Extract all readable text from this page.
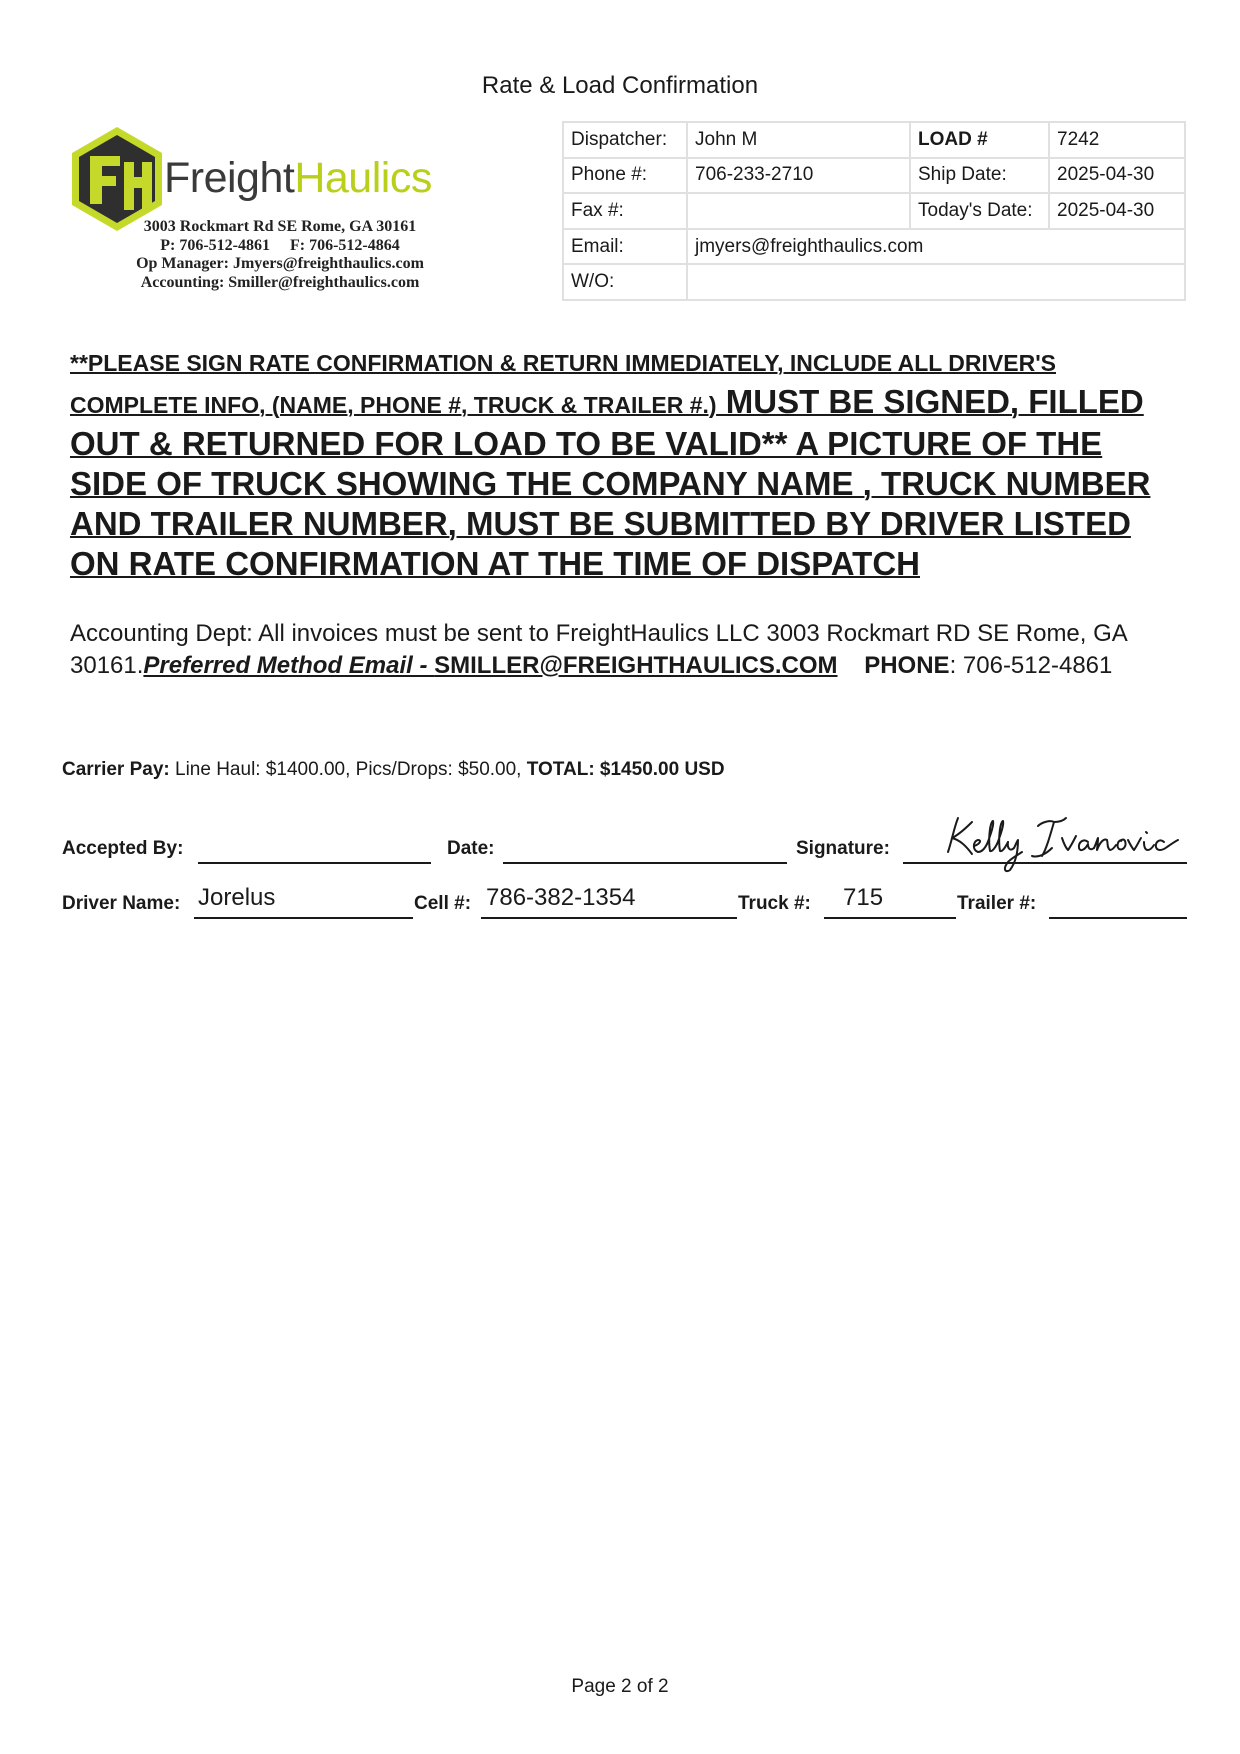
Rate & Load Confirmation
FreightHaulics
3003 Rockmart Rd SE Rome, GA 30161
P: 706-512-4861     F: 706-512-4864
Op Manager: Jmyers@freighthaulics.com
Accounting: Smiller@freighthaulics.com
Dispatcher:	John M	LOAD #	7242
Phone #:	706-233-2710	Ship Date:	2025-04-30
Fax #:		Today's Date:	2025-04-30
Email:	jmyers@freighthaulics.com		
W/O:			
**PLEASE SIGN RATE CONFIRMATION & RETURN IMMEDIATELY, INCLUDE ALL DRIVER'S COMPLETE INFO, (NAME, PHONE #, TRUCK & TRAILER #.) MUST BE SIGNED, FILLED OUT & RETURNED FOR LOAD TO BE VALID** A PICTURE OF THE SIDE OF TRUCK SHOWING THE COMPANY NAME , TRUCK NUMBER AND TRAILER NUMBER, MUST BE SUBMITTED BY DRIVER LISTED ON RATE CONFIRMATION AT THE TIME OF DISPATCH
Accounting Dept: All invoices must be sent to FreightHaulics LLC 3003 Rockmart RD SE Rome, GA 30161.Preferred Method Email - SMILLER@FREIGHTHAULICS.COM PHONE: 706-512-4861
Carrier Pay: Line Haul: $1400.00, Pics/Drops: $50.00, TOTAL: $1450.00 USD
Accepted By:	Date:	Signature:
Driver Name: Jorelus	Cell #: 786-382-1354	Truck #: 715	Trailer #:
Page 2 of 2
